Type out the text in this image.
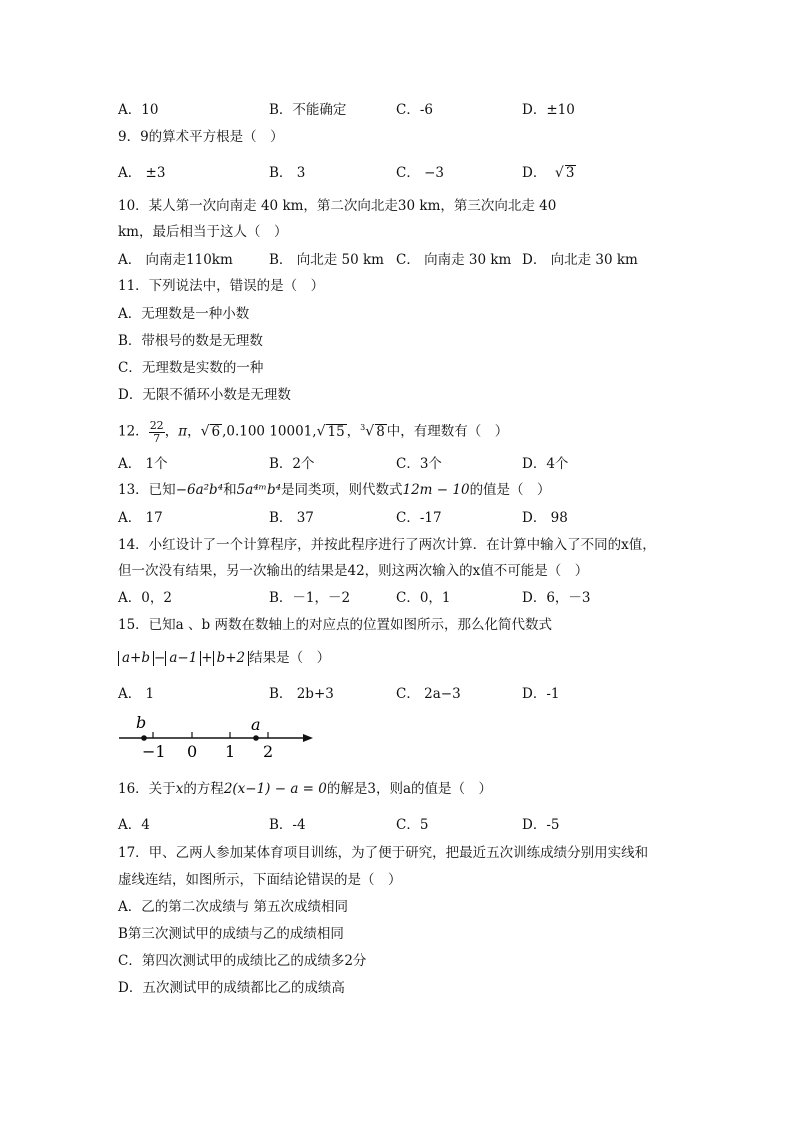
A．10	B．不能确定	C．-6	D．±10
9．9的算术平方根是（　）
A． ±3	B． 3	C． −3	D． √ 3
10．某人第一次向南走 40 km，第二次向北走30 km，第三次向北走 40
km，最后相当于这人（　）
A． 向南走110km	B． 向北走 50 km C． 向南走 30 km D． 向北走 30 km
11．下列说法中，错误的是（　）
A．无理数是一种小数
B．带根号的数是无理数
C．无理数是实数的一种
D．无限不循环小数是无理数
12． $\frac{22}{7}$ ，π，√ 6 ,0.100 10001,√ 15 ，$^3$√ 8 中，有理数有（　）
A． 1个	B．2个	C．3个	D．4个
13．已知−6a²b⁴和5a⁴ᵐb⁴是同类项，则代数式12m − 10的值是（　）
A． 17	B． 37	C．-17	D． 98
14．小红设计了一个计算程序，并按此程序进行了两次计算．在计算中输入了不同的x值，
但一次没有结果，另一次输出的结果是42，则这两次输入的x值不可能是（　）
A．0，2	B．－1，－2	C．0，1	D．6，－3
15．已知a 、b 两数在数轴上的对应点的位置如图所示，那么化简代数式
a+b − a−1 + b+2 结果是（　）
A． 1	B． 2b+3	C． 2a−3	D．-1
b	a
−1 0 1 2
16．关于x的方程2(x−1) − a = 0的解是3，则a的值是（　）
A．4	B．-4	C．5	D．-5
17．甲、乙两人参加某体育项目训练，为了便于研究，把最近五次训练成绩分别用实线和
虚线连结，如图所示，下面结论错误的是（　）
A．乙的第二次成绩与 第五次成绩相同
B第三次测试甲的成绩与乙的成绩相同
C．第四次测试甲的成绩比乙的成绩多2分
D．五次测试甲的成绩都比乙的成绩高
